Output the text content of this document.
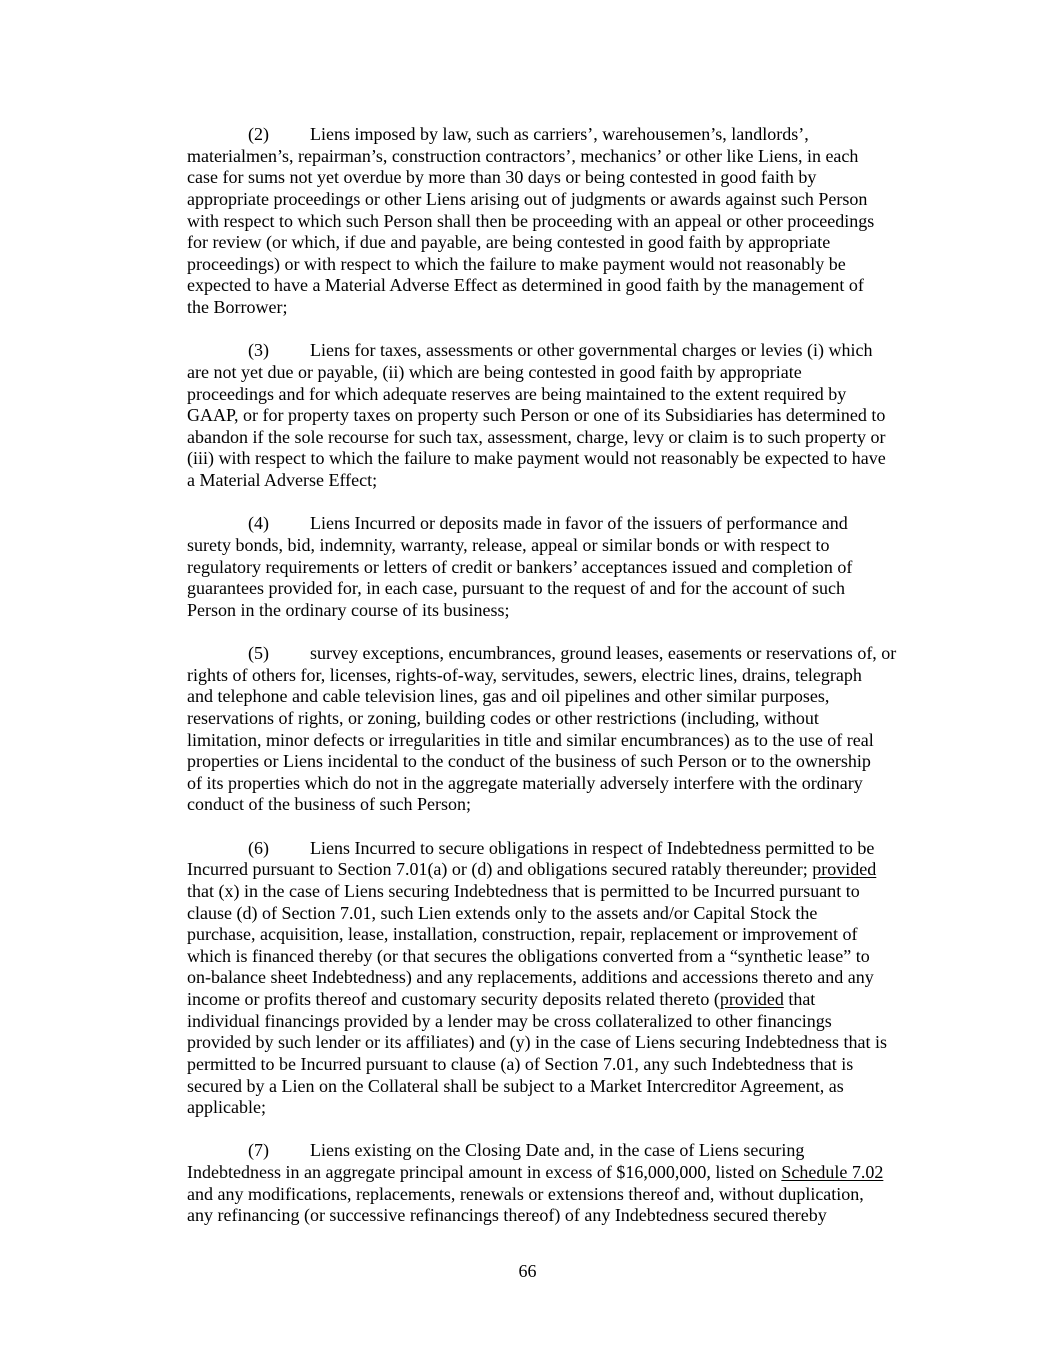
(2) Liens imposed by law, such as carriers’, warehousemen’s, landlords’,
materialmen’s, repairman’s, construction contractors’, mechanics’ or other like Liens, in each
case for sums not yet overdue by more than 30 days or being contested in good faith by
appropriate proceedings or other Liens arising out of judgments or awards against such Person
with respect to which such Person shall then be proceeding with an appeal or other proceedings
for review (or which, if due and payable, are being contested in good faith by appropriate
proceedings) or with respect to which the failure to make payment would not reasonably be
expected to have a Material Adverse Effect as determined in good faith by the management of
the Borrower;
(3) Liens for taxes, assessments or other governmental charges or levies (i) which
are not yet due or payable, (ii) which are being contested in good faith by appropriate
proceedings and for which adequate reserves are being maintained to the extent required by
GAAP, or for property taxes on property such Person or one of its Subsidiaries has determined to
abandon if the sole recourse for such tax, assessment, charge, levy or claim is to such property or
(iii) with respect to which the failure to make payment would not reasonably be expected to have
a Material Adverse Effect;
(4) Liens Incurred or deposits made in favor of the issuers of performance and
surety bonds, bid, indemnity, warranty, release, appeal or similar bonds or with respect to
regulatory requirements or letters of credit or bankers’ acceptances issued and completion of
guarantees provided for, in each case, pursuant to the request of and for the account of such
Person in the ordinary course of its business;
(5) survey exceptions, encumbrances, ground leases, easements or reservations of, or
rights of others for, licenses, rights-of-way, servitudes, sewers, electric lines, drains, telegraph
and telephone and cable television lines, gas and oil pipelines and other similar purposes,
reservations of rights, or zoning, building codes or other restrictions (including, without
limitation, minor defects or irregularities in title and similar encumbrances) as to the use of real
properties or Liens incidental to the conduct of the business of such Person or to the ownership
of its properties which do not in the aggregate materially adversely interfere with the ordinary
conduct of the business of such Person;
(6) Liens Incurred to secure obligations in respect of Indebtedness permitted to be
Incurred pursuant to Section 7.01(a) or (d) and obligations secured ratably thereunder; provided
that (x) in the case of Liens securing Indebtedness that is permitted to be Incurred pursuant to
clause (d) of Section 7.01, such Lien extends only to the assets and/or Capital Stock the
purchase, acquisition, lease, installation, construction, repair, replacement or improvement of
which is financed thereby (or that secures the obligations converted from a “synthetic lease” to
on-balance sheet Indebtedness) and any replacements, additions and accessions thereto and any
income or profits thereof and customary security deposits related thereto (provided that
individual financings provided by a lender may be cross collateralized to other financings
provided by such lender or its affiliates) and (y) in the case of Liens securing Indebtedness that is
permitted to be Incurred pursuant to clause (a) of Section 7.01, any such Indebtedness that is
secured by a Lien on the Collateral shall be subject to a Market Intercreditor Agreement, as
applicable;
(7) Liens existing on the Closing Date and, in the case of Liens securing
Indebtedness in an aggregate principal amount in excess of $16,000,000, listed on Schedule 7.02
and any modifications, replacements, renewals or extensions thereof and, without duplication,
any refinancing (or successive refinancings thereof) of any Indebtedness secured thereby
66
